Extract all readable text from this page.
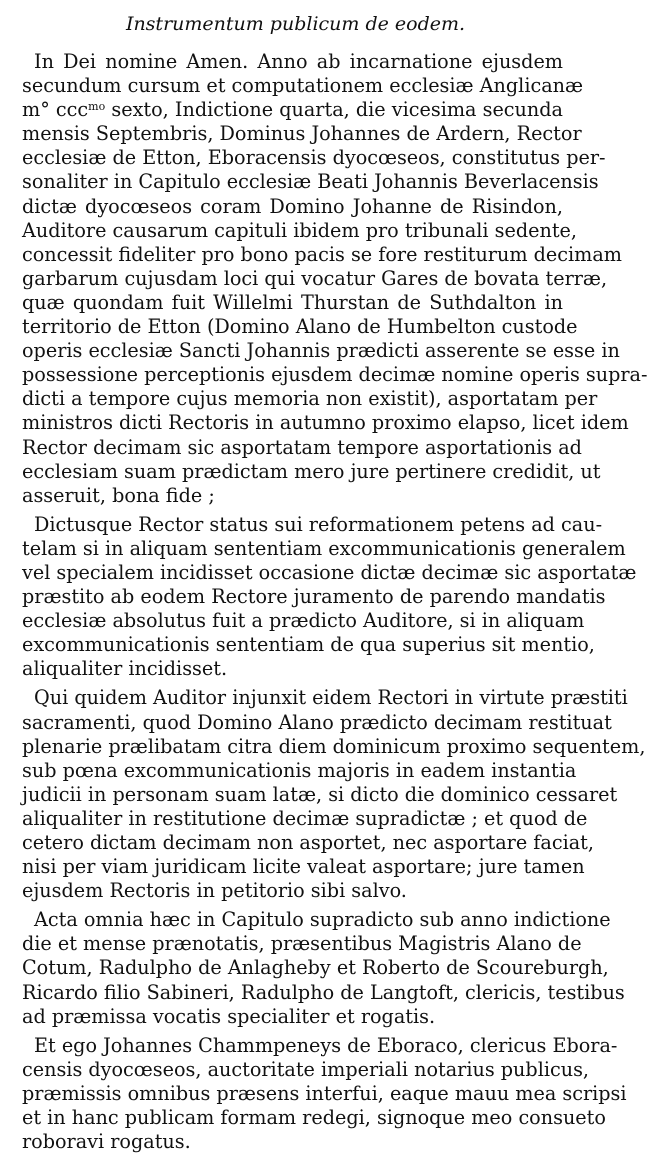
Instrumentum publicum de eodem.
In Dei nomine Amen. Anno ab incarnatione ejusdem
secundum cursum et computationem ecclesiæ Anglicanæ
m° ccc$^{mo}$ sexto, Indictione quarta, die vicesima secunda
mensis Septembris, Dominus Johannes de Ardern, Rector
ecclesiæ de Etton, Eboracensis dyocœseos, constitutus per-
sonaliter in Capitulo ecclesiæ Beati Johannis Beverlacensis
dictæ dyocœseos coram Domino Johanne de Risindon,
Auditore causarum capituli ibidem pro tribunali sedente,
concessit fideliter pro bono pacis se fore restiturum decimam
garbarum cujusdam loci qui vocatur Gares de bovata terræ,
quæ quondam fuit Willelmi Thurstan de Suthdalton in
territorio de Etton (Domino Alano de Humbelton custode
operis ecclesiæ Sancti Johannis prædicti asserente se esse in
possessione perceptionis ejusdem decimæ nomine operis supra-
dicti a tempore cujus memoria non existit), asportatam per
ministros dicti Rectoris in autumno proximo elapso, licet idem
Rector decimam sic asportatam tempore asportationis ad
ecclesiam suam prædictam mero jure pertinere credidit, ut
asseruit, bona fide ;
Dictusque Rector status sui reformationem petens ad cau-
telam si in aliquam sententiam excommunicationis generalem
vel specialem incidisset occasione dictæ decimæ sic asportatæ
præstito ab eodem Rectore juramento de parendo mandatis
ecclesiæ absolutus fuit a prædicto Auditore, si in aliquam
excommunicationis sententiam de qua superius sit mentio,
aliqualiter incidisset.
Qui quidem Auditor injunxit eidem Rectori in virtute præstiti
sacramenti, quod Domino Alano prædicto decimam restituat
plenarie prælibatam citra diem dominicum proximo sequentem,
sub pœna excommunicationis majoris in eadem instantia
judicii in personam suam latæ, si dicto die dominico cessaret
aliqualiter in restitutione decimæ supradictæ ; et quod de
cetero dictam decimam non asportet, nec asportare faciat,
nisi per viam juridicam licite valeat asportare; jure tamen
ejusdem Rectoris in petitorio sibi salvo.
Acta omnia hæc in Capitulo supradicto sub anno indictione
die et mense prænotatis, præsentibus Magistris Alano de
Cotum, Radulpho de Anlagheby et Roberto de Scoureburgh,
Ricardo filio Sabineri, Radulpho de Langtoft, clericis, testibus
ad præmissa vocatis specialiter et rogatis.
Et ego Johannes Chammpeneys de Eboraco, clericus Ebora-
censis dyocœseos, auctoritate imperiali notarius publicus,
præmissis omnibus præsens interfui, eaque mauu mea scripsi
et in hanc publicam formam redegi, signoque meo consueto
roboravi rogatus.
